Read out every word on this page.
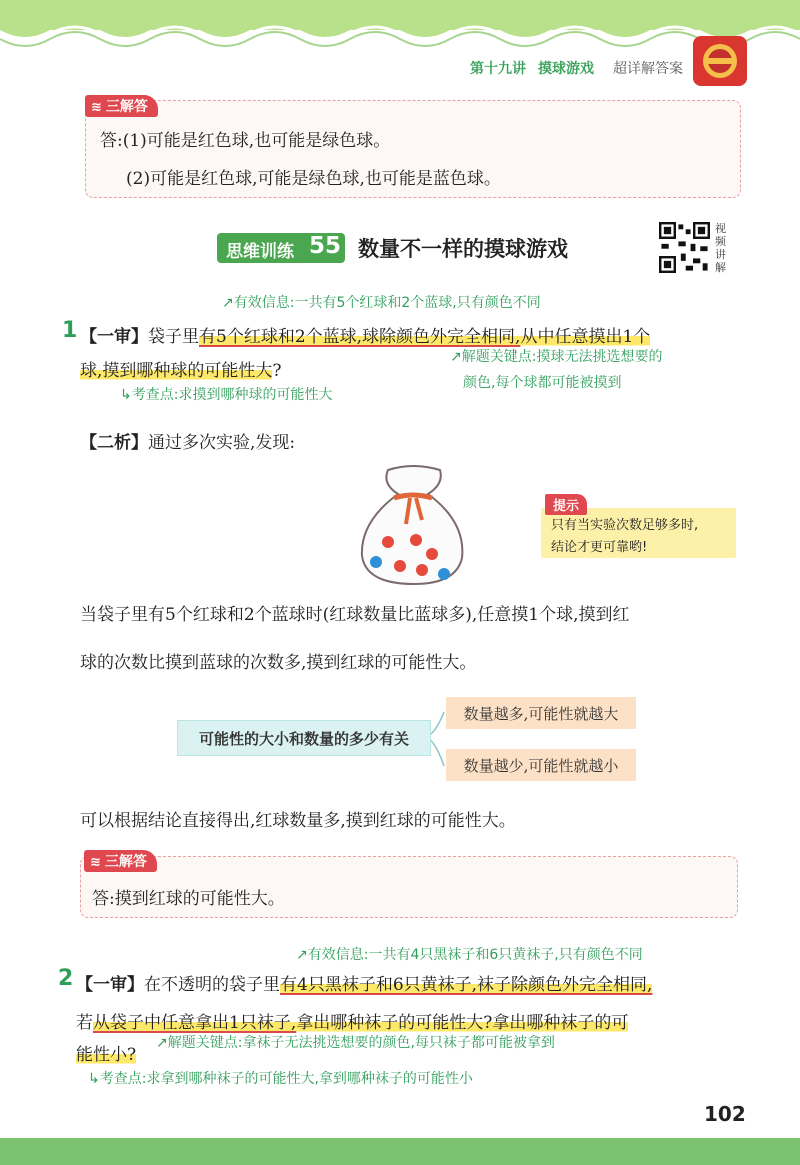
第十九讲 摸球游戏 超详解答案
≋ 三解答
答:(1)可能是红色球,也可能是绿色球。
(2)可能是红色球,可能是绿色球,也可能是蓝色球。
思维训练 55 数量不一样的摸球游戏
视频讲解
↗有效信息:一共有5个红球和2个蓝球,只有颜色不同
1 【一审】袋子里有5个红球和2个蓝球,球除颜色外完全相同,从中任意摸出1个
球,摸到哪种球的可能性大?
↗解题关键点:摸球无法挑选想要的
颜色,每个球都可能被摸到
↳考查点:求摸到哪种球的可能性大
【二析】通过多次实验,发现:
提示
只有当实验次数足够多时,
结论才更可靠哟!
当袋子里有5个红球和2个蓝球时(红球数量比蓝球多),任意摸1个球,摸到红
球的次数比摸到蓝球的次数多,摸到红球的可能性大。
可能性的大小和数量的多少有关
数量越多,可能性就越大
数量越少,可能性就越小
可以根据结论直接得出,红球数量多,摸到红球的可能性大。
≋ 三解答
答:摸到红球的可能性大。
↗有效信息:一共有4只黑袜子和6只黄袜子,只有颜色不同
2 【一审】在不透明的袋子里有4只黑袜子和6只黄袜子,袜子除颜色外完全相同,
若从袋子中任意拿出1只袜子,拿出哪种袜子的可能性大?拿出哪种袜子的可
能性小?
↗解题关键点:拿袜子无法挑选想要的颜色,每只袜子都可能被拿到
↳考查点:求拿到哪种袜子的可能性大,拿到哪种袜子的可能性小
102
